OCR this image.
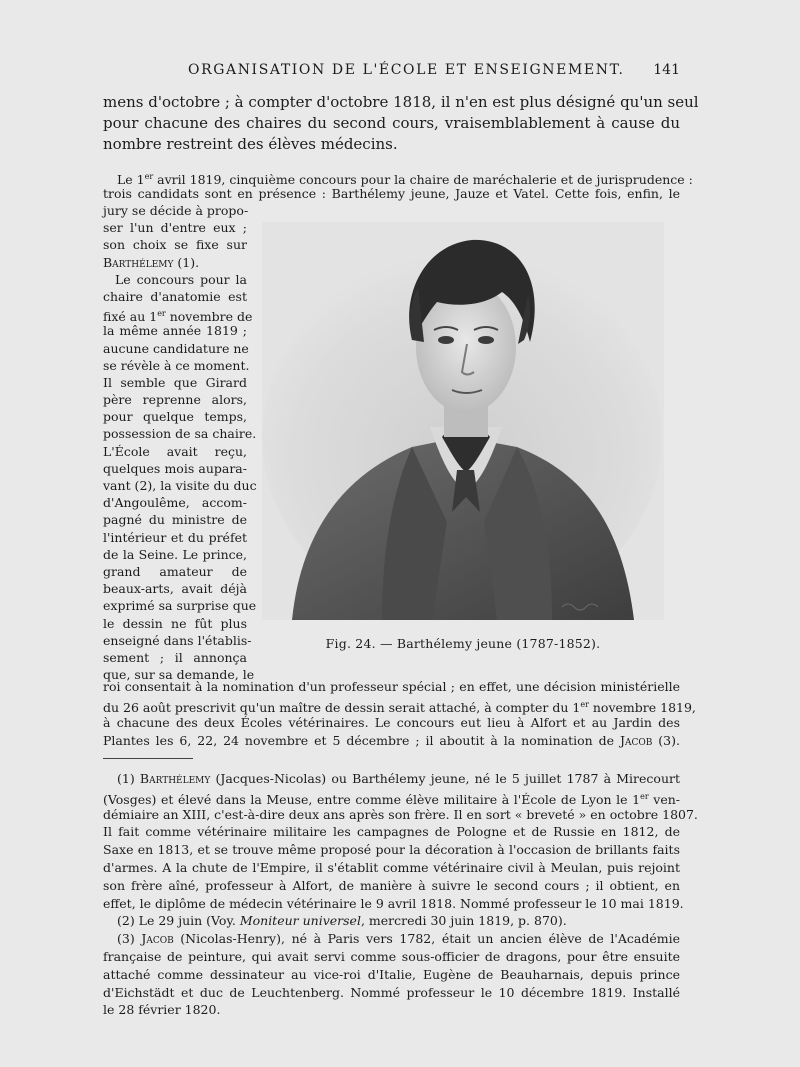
ORGANISATION DE L'ÉCOLE ET ENSEIGNEMENT. 141
mens d'octobre ; à compter d'octobre 1818, il n'en est plus désigné qu'un seul
pour chacune des chaires du second cours, vraisemblablement à cause du
nombre restreint des élèves médecins.
Le 1er avril 1819, cinquième concours pour la chaire de maréchalerie et de jurisprudence :
trois candidats sont en présence : Barthélemy jeune, Jauze et Vatel. Cette fois, enfin, le
jury se décide à propo-
ser l'un d'entre eux ;
son choix se fixe sur
Barthélemy (1).
Le concours pour la
chaire d'anatomie est
fixé au 1er novembre de
la même année 1819 ;
aucune candidature ne
se révèle à ce moment.
Il semble que Girard
père reprenne alors,
pour quelque temps,
possession de sa chaire.
L'École avait reçu,
quelques mois aupara-
vant (2), la visite du duc
d'Angoulême, accom-
pagné du ministre de
l'intérieur et du préfet
de la Seine. Le prince,
grand amateur de
beaux-arts, avait déjà
exprimé sa surprise que
le dessin ne fût plus
enseigné dans l'établis-
sement ; il annonça
que, sur sa demande, le
Fig. 24. — Barthélemy jeune (1787-1852).
roi consentait à la nomination d'un professeur spécial ; en effet, une décision ministérielle
du 26 août prescrivit qu'un maître de dessin serait attaché, à compter du 1er novembre 1819,
à chacune des deux Écoles vétérinaires. Le concours eut lieu à Alfort et au Jardin des
Plantes les 6, 22, 24 novembre et 5 décembre ; il aboutit à la nomination de Jacob (3).
(1) Barthélemy (Jacques-Nicolas) ou Barthélemy jeune, né le 5 juillet 1787 à Mirecourt
(Vosges) et élevé dans la Meuse, entre comme élève militaire à l'École de Lyon le 1er ven-
démiaire an XIII, c'est-à-dire deux ans après son frère. Il en sort « breveté » en octobre 1807.
Il fait comme vétérinaire militaire les campagnes de Pologne et de Russie en 1812, de
Saxe en 1813, et se trouve même proposé pour la décoration à l'occasion de brillants faits
d'armes. A la chute de l'Empire, il s'établit comme vétérinaire civil à Meulan, puis rejoint
son frère aîné, professeur à Alfort, de manière à suivre le second cours ; il obtient, en
effet, le diplôme de médecin vétérinaire le 9 avril 1818. Nommé professeur le 10 mai 1819.
(2) Le 29 juin (Voy. Moniteur universel, mercredi 30 juin 1819, p. 870).
(3) Jacob (Nicolas-Henry), né à Paris vers 1782, était un ancien élève de l'Académie
française de peinture, qui avait servi comme sous-officier de dragons, pour être ensuite
attaché comme dessinateur au vice-roi d'Italie, Eugène de Beauharnais, depuis prince
d'Eichstädt et duc de Leuchtenberg. Nommé professeur le 10 décembre 1819. Installé
le 28 février 1820.
